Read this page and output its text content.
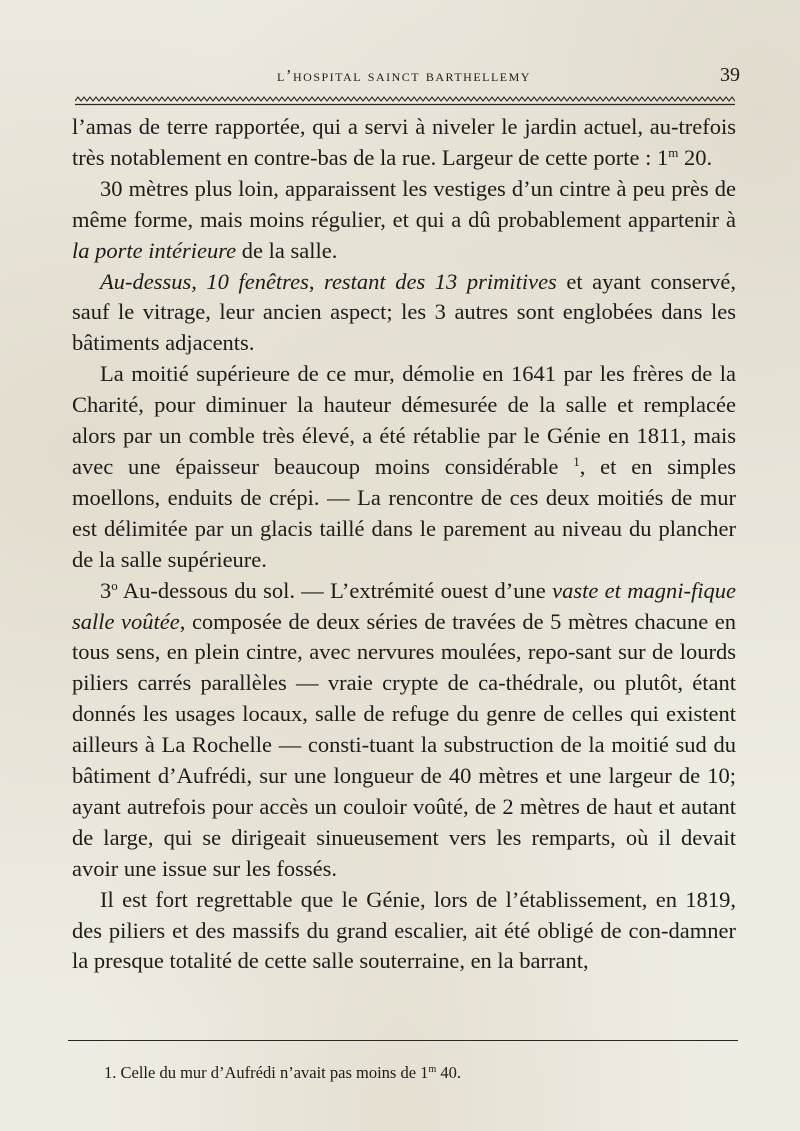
l’hospital sainct barthellemy	39

l’amas de terre rapportée, qui a servi à niveler le jardin actuel, au-trefois très notablement en contre-bas de la rue. Largeur de cette porte : 1$^m$ 20.

30 mètres plus loin, apparaissent les vestiges d’un cintre à peu près de même forme, mais moins régulier, et qui a dû probablement appartenir à la porte intérieure de la salle.

Au-dessus, 10 fenêtres, restant des 13 primitives et ayant conservé, sauf le vitrage, leur ancien aspect; les 3 autres sont englobées dans les bâtiments adjacents.

La moitié supérieure de ce mur, démolie en 1641 par les frères de la Charité, pour diminuer la hauteur démesurée de la salle et remplacée alors par un comble très élevé, a été rétablie par le Génie en 1811, mais avec une épaisseur beaucoup moins considérable $^1$, et en simples moellons, enduits de crépi. — La rencontre de ces deux moitiés de mur est délimitée par un glacis taillé dans le parement au niveau du plancher de la salle supérieure.

3$^o$ Au-dessous du sol. — L’extrémité ouest d’une vaste et magni-fique salle voûtée, composée de deux séries de travées de 5 mètres chacune en tous sens, en plein cintre, avec nervures moulées, repo-sant sur de lourds piliers carrés parallèles — vraie crypte de ca-thédrale, ou plutôt, étant donnés les usages locaux, salle de refuge du genre de celles qui existent ailleurs à La Rochelle — consti-tuant la substruction de la moitié sud du bâtiment d’Aufrédi, sur une longueur de 40 mètres et une largeur de 10; ayant autrefois pour accès un couloir voûté, de 2 mètres de haut et autant de large, qui se dirigeait sinueusement vers les remparts, où il devait avoir une issue sur les fossés.

Il est fort regrettable que le Génie, lors de l’établissement, en 1819, des piliers et des massifs du grand escalier, ait été obligé de con-damner la presque totalité de cette salle souterraine, en la barrant,

1. Celle du mur d’Aufrédi n’avait pas moins de 1$^m$ 40.
